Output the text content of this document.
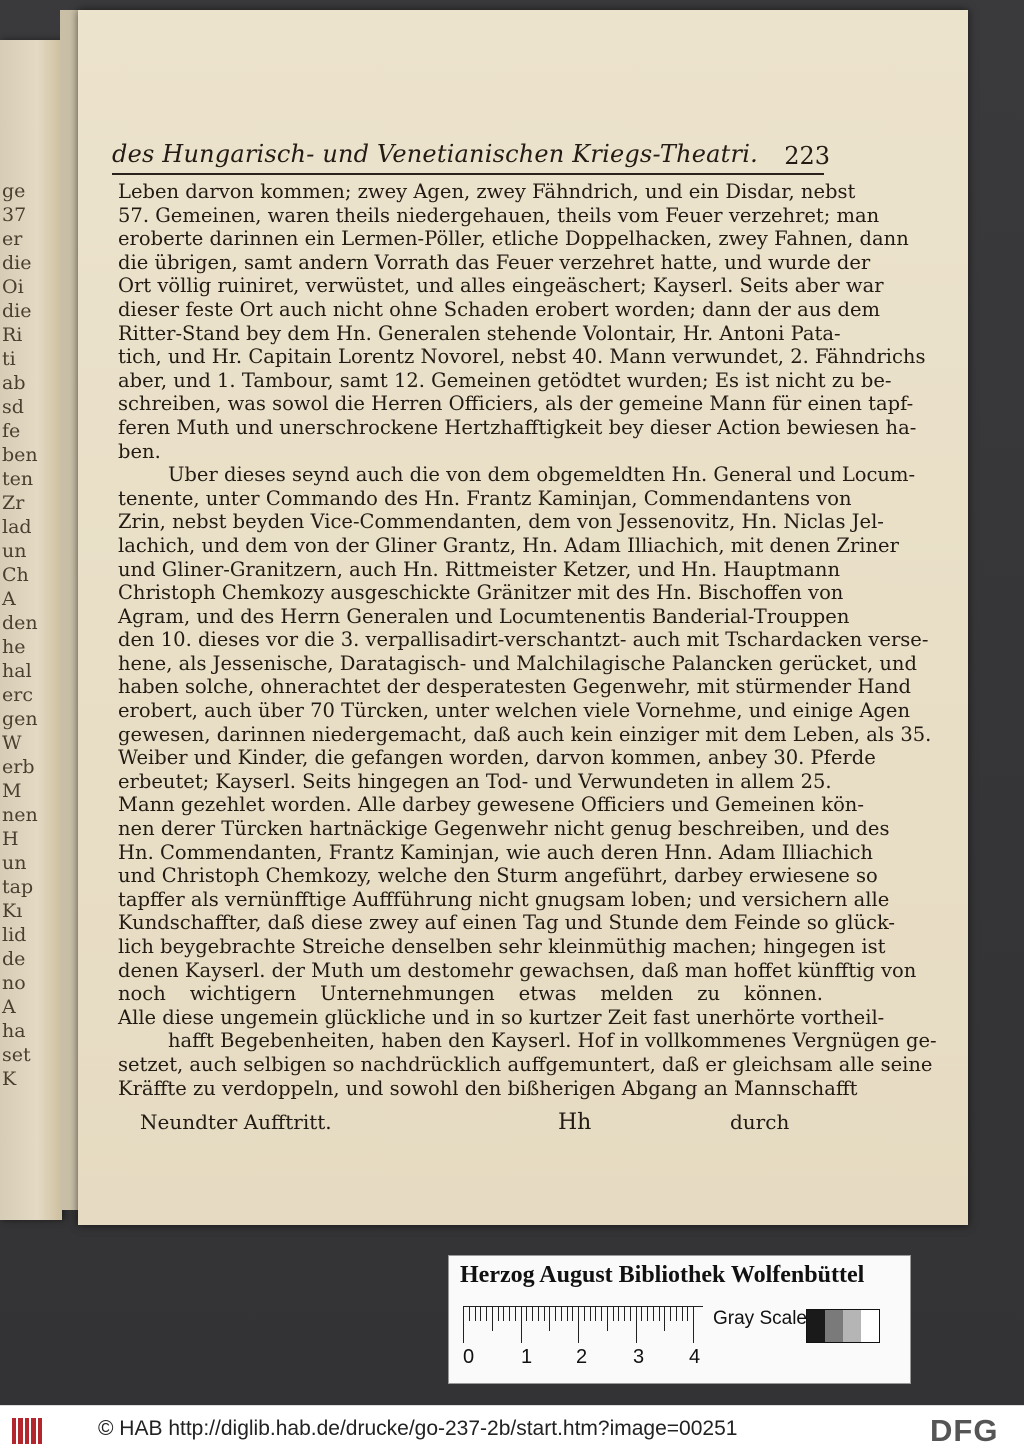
ge
37
er
die
Oi
die
Ri
ti
ab
sd
fe
ben
ten
Zr
lad
un
Ch
A
den
he
hal
erc
gen
W
erb
M
nen
H
un
tap
Kı
lid
de
no
A
ha
set
K
des Hungarisch- und Venetianischen Kriegs-Theatri.	223
Leben darvon kommen; zwey Agen, zwey Fähndrich, und ein Disdar, nebst
57. Gemeinen, waren theils niedergehauen, theils vom Feuer verzehret; man
eroberte darinnen ein Lermen-Pöller, etliche Doppelhacken, zwey Fahnen, dann
die übrigen, samt andern Vorrath das Feuer verzehret hatte, und wurde der
Ort völlig ruiniret, verwüstet, und alles eingeäschert; Kayserl. Seits aber war
dieser feste Ort auch nicht ohne Schaden erobert worden; dann der aus dem
Ritter-Stand bey dem Hn. Generalen stehende Volontair, Hr. Antoni Pata-
tich, und Hr. Capitain Lorentz Novorel, nebst 40. Mann verwundet, 2. Fähndrichs
aber, und 1. Tambour, samt 12. Gemeinen getödtet wurden; Es ist nicht zu be-
schreiben, was sowol die Herren Officiers, als der gemeine Mann für einen tapf-
feren Muth und unerschrockene Hertzhafftigkeit bey dieser Action bewiesen ha-
ben.
Uber dieses seynd auch die von dem obgemeldten Hn. General und Locum-
tenente, unter Commando des Hn. Frantz Kaminjan, Commendantens von
Zrin, nebst beyden Vice-Commendanten, dem von Jessenovitz, Hn. Niclas Jel-
lachich, und dem von der Gliner Grantz, Hn. Adam Illiachich, mit denen Zriner
und Gliner-Granitzern, auch Hn. Rittmeister Ketzer, und Hn. Hauptmann
Christoph Chemkozy ausgeschickte Gränitzer mit des Hn. Bischoffen von
Agram, und des Herrn Generalen und Locumtenentis Banderial-Trouppen
den 10. dieses vor die 3. verpallisadirt-verschantzt- auch mit Tschardacken verse-
hene, als Jessenische, Daratagisch- und Malchilagische Palancken gerücket, und
haben solche, ohnerachtet der desperatesten Gegenwehr, mit stürmender Hand
erobert, auch über 70 Türcken, unter welchen viele Vornehme, und einige Agen
gewesen, darinnen niedergemacht, daß auch kein einziger mit dem Leben, als 35.
Weiber und Kinder, die gefangen worden, darvon kommen, anbey 30. Pferde
erbeutet; Kayserl. Seits hingegen an Tod- und Verwundeten in allem 25.
Mann gezehlet worden. Alle darbey gewesene Officiers und Gemeinen kön-
nen derer Türcken hartnäckige Gegenwehr nicht genug beschreiben, und des
Hn. Commendanten, Frantz Kaminjan, wie auch deren Hnn. Adam Illiachich
und Christoph Chemkozy, welche den Sturm angeführt, darbey erwiesene so
tapffer als vernünfftige Auffführung nicht gnugsam loben; und versichern alle
Kundschaffter, daß diese zwey auf einen Tag und Stunde dem Feinde so glück-
lich beygebrachte Streiche denselben sehr kleinmüthig machen; hingegen ist
denen Kayserl. der Muth um destomehr gewachsen, daß man hoffet künfftig von
noch wichtigern Unternehmungen etwas melden zu können.
Alle diese ungemein glückliche und in so kurtzer Zeit fast unerhörte vortheil-
hafft Begebenheiten, haben den Kayserl. Hof in vollkommenes Vergnügen ge-
setzet, auch selbigen so nachdrücklich auffgemuntert, daß er gleichsam alle seine
Kräffte zu verdoppeln, und sowohl den bißherigen Abgang an Mannschafft
Neundter Aufftritt.	Hh	durch
Herzog August Bibliothek Wolfenbüttel
0 1 2 3 4
Gray Scale
© HAB http://diglib.hab.de/drucke/go-237-2b/start.htm?image=00251	DFG
